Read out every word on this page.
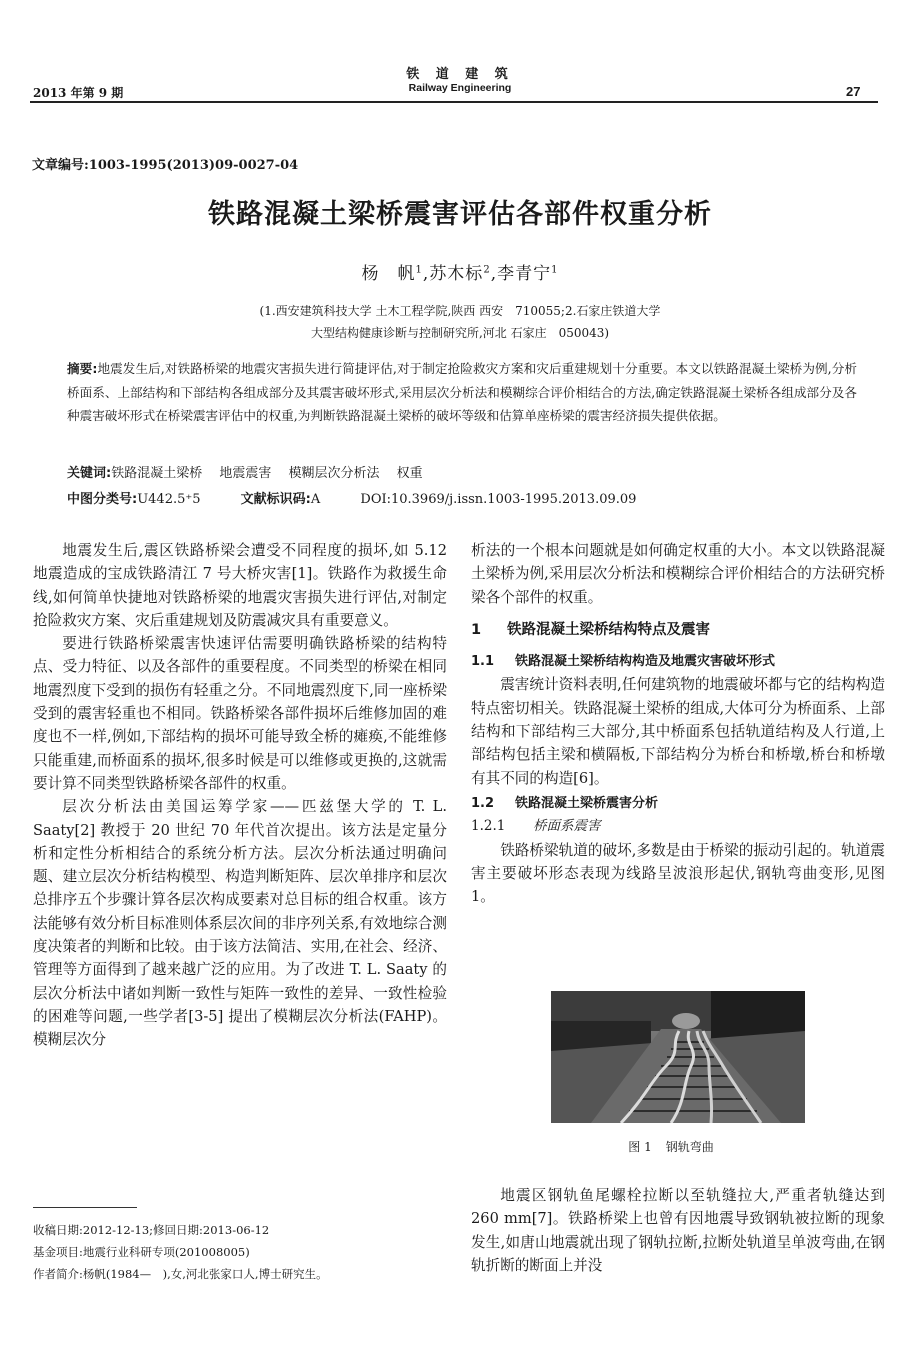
铁 道 建 筑
2013 年第 9 期	Railway Engineering	27
文章编号:1003-1995(2013)09-0027-04
铁路混凝土梁桥震害评估各部件权重分析
杨　帆$^1$,苏木标$^2$,李青宁$^1$
(1.西安建筑科技大学 土木工程学院,陕西 西安　710055;2.石家庄铁道大学
大型结构健康诊断与控制研究所,河北 石家庄　050043)
摘要:地震发生后,对铁路桥梁的地震灾害损失进行简捷评估,对于制定抢险救灾方案和灾后重建规划十分重要。本文以铁路混凝土梁桥为例,分析桥面系、上部结构和下部结构各组成部分及其震害破坏形式,采用层次分析法和模糊综合评价相结合的方法,确定铁路混凝土梁桥各组成部分及各种震害破坏形式在桥梁震害评估中的权重,为判断铁路混凝土梁桥的破坏等级和估算单座桥梁的震害经济损失提供依据。
关键词:铁路混凝土梁桥　 地震震害　 模糊层次分析法　 权重
中图分类号:U442.5⁺5	文献标识码:A	DOI:10.3969/j.issn.1003-1995.2013.09.09

地震发生后,震区铁路桥梁会遭受不同程度的损坏,如 5.12 地震造成的宝成铁路清江 7 号大桥灾害[1]。铁路作为救援生命线,如何简单快捷地对铁路桥梁的地震灾害损失进行评估,对制定抢险救灾方案、灾后重建规划及防震减灾具有重要意义。

要进行铁路桥梁震害快速评估需要明确铁路桥梁的结构特点、受力特征、以及各部件的重要程度。不同类型的桥梁在相同地震烈度下受到的损伤有轻重之分。不同地震烈度下,同一座桥梁受到的震害轻重也不相同。铁路桥梁各部件损坏后维修加固的难度也不一样,例如,下部结构的损坏可能导致全桥的瘫痪,不能维修只能重建,而桥面系的损坏,很多时候是可以维修或更换的,这就需要计算不同类型铁路桥梁各部件的权重。

层次分析法由美国运筹学家——匹兹堡大学的 T. L. Saaty[2] 教授于 20 世纪 70 年代首次提出。该方法是定量分析和定性分析相结合的系统分析方法。层次分析法通过明确问题、建立层次分析结构模型、构造判断矩阵、层次单排序和层次总排序五个步骤计算各层次构成要素对总目标的组合权重。该方法能够有效分析目标准则体系层次间的非序列关系,有效地综合测度决策者的判断和比较。由于该方法简洁、实用,在社会、经济、管理等方面得到了越来越广泛的应用。为了改进 T. L. Saaty 的层次分析法中诸如判断一致性与矩阵一致性的差异、一致性检验的困难等问题,一些学者[3-5] 提出了模糊层次分析法(FAHP)。模糊层次分

析法的一个根本问题就是如何确定权重的大小。本文以铁路混凝土梁桥为例,采用层次分析法和模糊综合评价相结合的方法研究桥梁各个部件的权重。

1 铁路混凝土梁桥结构特点及震害
1.1 铁路混凝土梁桥结构构造及地震灾害破坏形式

震害统计资料表明,任何建筑物的地震破坏都与它的结构构造特点密切相关。铁路混凝土梁桥的组成,大体可分为桥面系、上部结构和下部结构三大部分,其中桥面系包括轨道结构及人行道,上部结构包括主梁和横隔板,下部结构分为桥台和桥墩,桥台和桥墩有其不同的构造[6]。

1.2 铁路混凝土梁桥震害分析
1.2.1 桥面系震害

铁路桥梁轨道的破坏,多数是由于桥梁的振动引起的。轨道震害主要破坏形态表现为线路呈波浪形起伏,钢轨弯曲变形,见图 1。

图 1 钢轨弯曲

地震区钢轨鱼尾螺栓拉断以至轨缝拉大,严重者轨缝达到 260 mm[7]。铁路桥梁上也曾有因地震导致钢轨被拉断的现象发生,如唐山地震就出现了钢轨拉断,拉断处轨道呈单波弯曲,在钢轨折断的断面上并没

收稿日期:2012-12-13;修回日期:2013-06-12
基金项目:地震行业科研专项(201008005)
作者简介:杨帆(1984—　),女,河北张家口人,博士研究生。
